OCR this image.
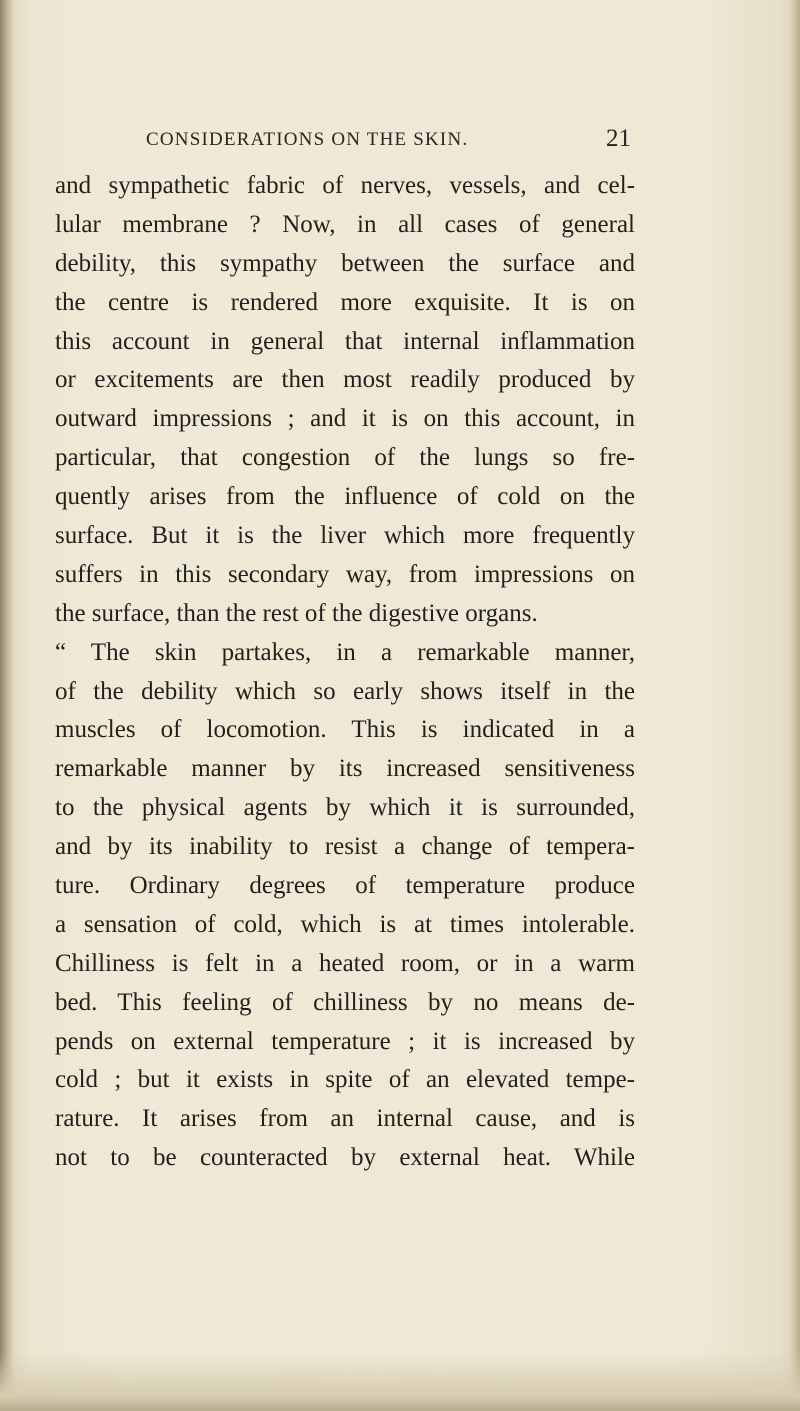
CONSIDERATIONS ON THE SKIN.	21
and sympathetic fabric of nerves, vessels, and cel-
lular membrane ? Now, in all cases of general
debility, this sympathy between the surface and
the centre is rendered more exquisite. It is on
this account in general that internal inflammation
or excitements are then most readily produced by
outward impressions ; and it is on this account, in
particular, that congestion of the lungs so fre-
quently arises from the influence of cold on the
surface. But it is the liver which more frequently
suffers in this secondary way, from impressions on
the surface, than the rest of the digestive organs.
“ The skin partakes, in a remarkable manner,
of the debility which so early shows itself in the
muscles of locomotion. This is indicated in a
remarkable manner by its increased sensitiveness
to the physical agents by which it is surrounded,
and by its inability to resist a change of tempera-
ture. Ordinary degrees of temperature produce
a sensation of cold, which is at times intolerable.
Chilliness is felt in a heated room, or in a warm
bed. This feeling of chilliness by no means de-
pends on external temperature ; it is increased by
cold ; but it exists in spite of an elevated tempe-
rature. It arises from an internal cause, and is
not to be counteracted by external heat. While
